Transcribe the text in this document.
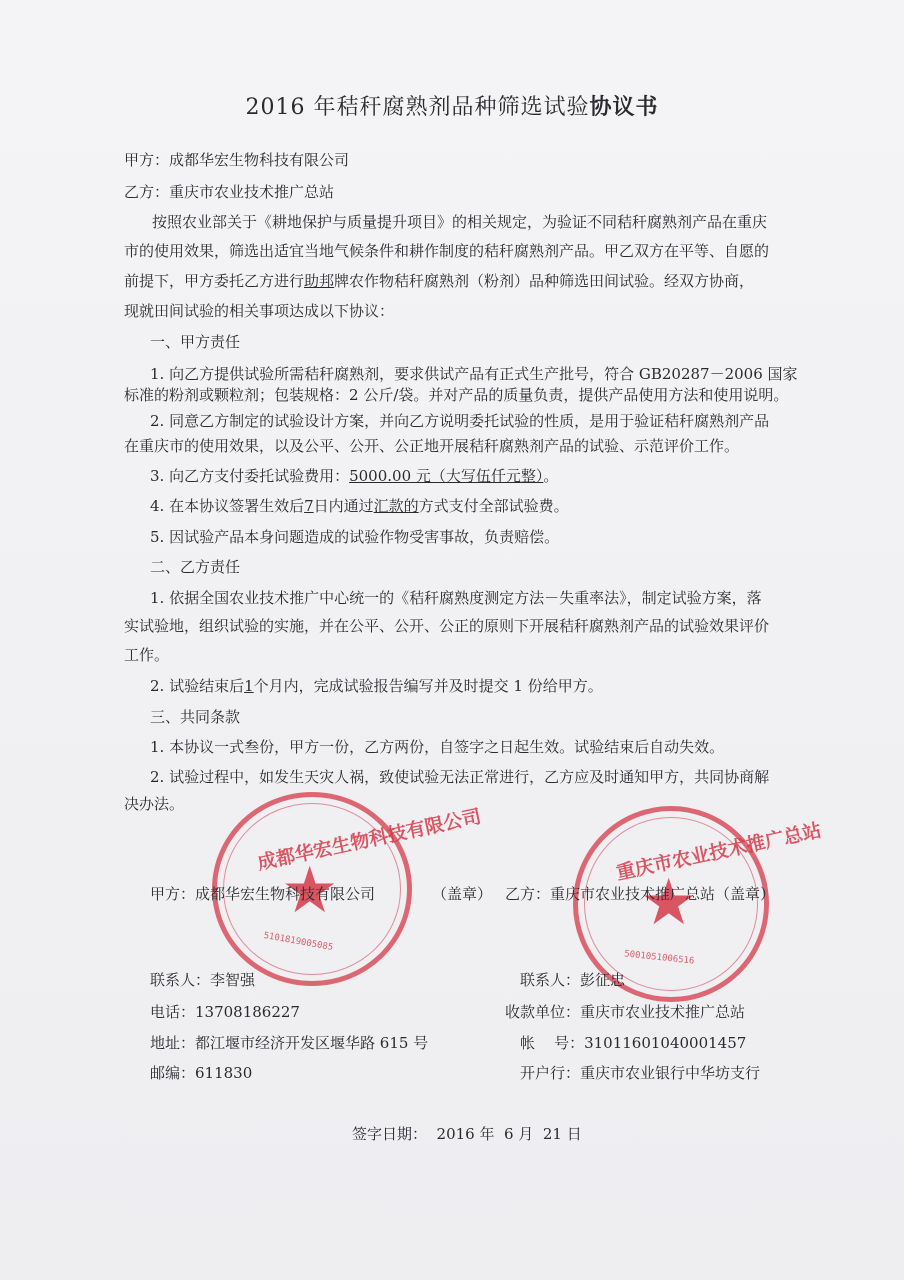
2016 年秸秆腐熟剂品种筛选试验协议书
甲方：成都华宏生物科技有限公司
乙方：重庆市农业技术推广总站
按照农业部关于《耕地保护与质量提升项目》的相关规定，为验证不同秸秆腐熟剂产品在重庆
市的使用效果，筛选出适宜当地气候条件和耕作制度的秸秆腐熟剂产品。甲乙双方在平等、自愿的
前提下，甲方委托乙方进行助邦牌农作物秸秆腐熟剂（粉剂）品种筛选田间试验。经双方协商，
现就田间试验的相关事项达成以下协议：
一、甲方责任
1. 向乙方提供试验所需秸秆腐熟剂，要求供试产品有正式生产批号，符合 GB20287－2006 国家
标准的粉剂或颗粒剂；包装规格：2 公斤/袋。并对产品的质量负责，提供产品使用方法和使用说明。
2. 同意乙方制定的试验设计方案，并向乙方说明委托试验的性质，是用于验证秸秆腐熟剂产品
在重庆市的使用效果，以及公平、公开、公正地开展秸秆腐熟剂产品的试验、示范评价工作。
3. 向乙方支付委托试验费用：5000.00 元（大写伍仟元整）。
4. 在本协议签署生效后7日内通过汇款的方式支付全部试验费。
5. 因试验产品本身问题造成的试验作物受害事故，负责赔偿。
二、乙方责任
1. 依据全国农业技术推广中心统一的《秸秆腐熟度测定方法－失重率法》，制定试验方案，落
实试验地，组织试验的实施，并在公平、公开、公正的原则下开展秸秆腐熟剂产品的试验效果评价
工作。
2. 试验结束后1个月内，完成试验报告编写并及时提交 1 份给甲方。
三、共同条款
1. 本协议一式叁份，甲方一份，乙方两份，自签字之日起生效。试验结束后自动失效。
2. 试验过程中，如发生天灾人祸，致使试验无法正常进行，乙方应及时通知甲方，共同协商解
决办法。
成都华宏生物科技有限公司
★
5101819005085
重庆市农业技术推广总站
★
5001051006516
甲方：成都华宏生物科技有限公司	（盖章） 乙方：重庆市农业技术推广总站（盖章）
联系人：李智强
电话：13708186227
地址：都江堰市经济开发区堰华路 615 号
邮编：611830
联系人：彭征忠
收款单位：重庆市农业技术推广总站
帐    号：31011601040001457
开户行：重庆市农业银行中华坊支行
签字日期：  2016 年  6 月  21 日
